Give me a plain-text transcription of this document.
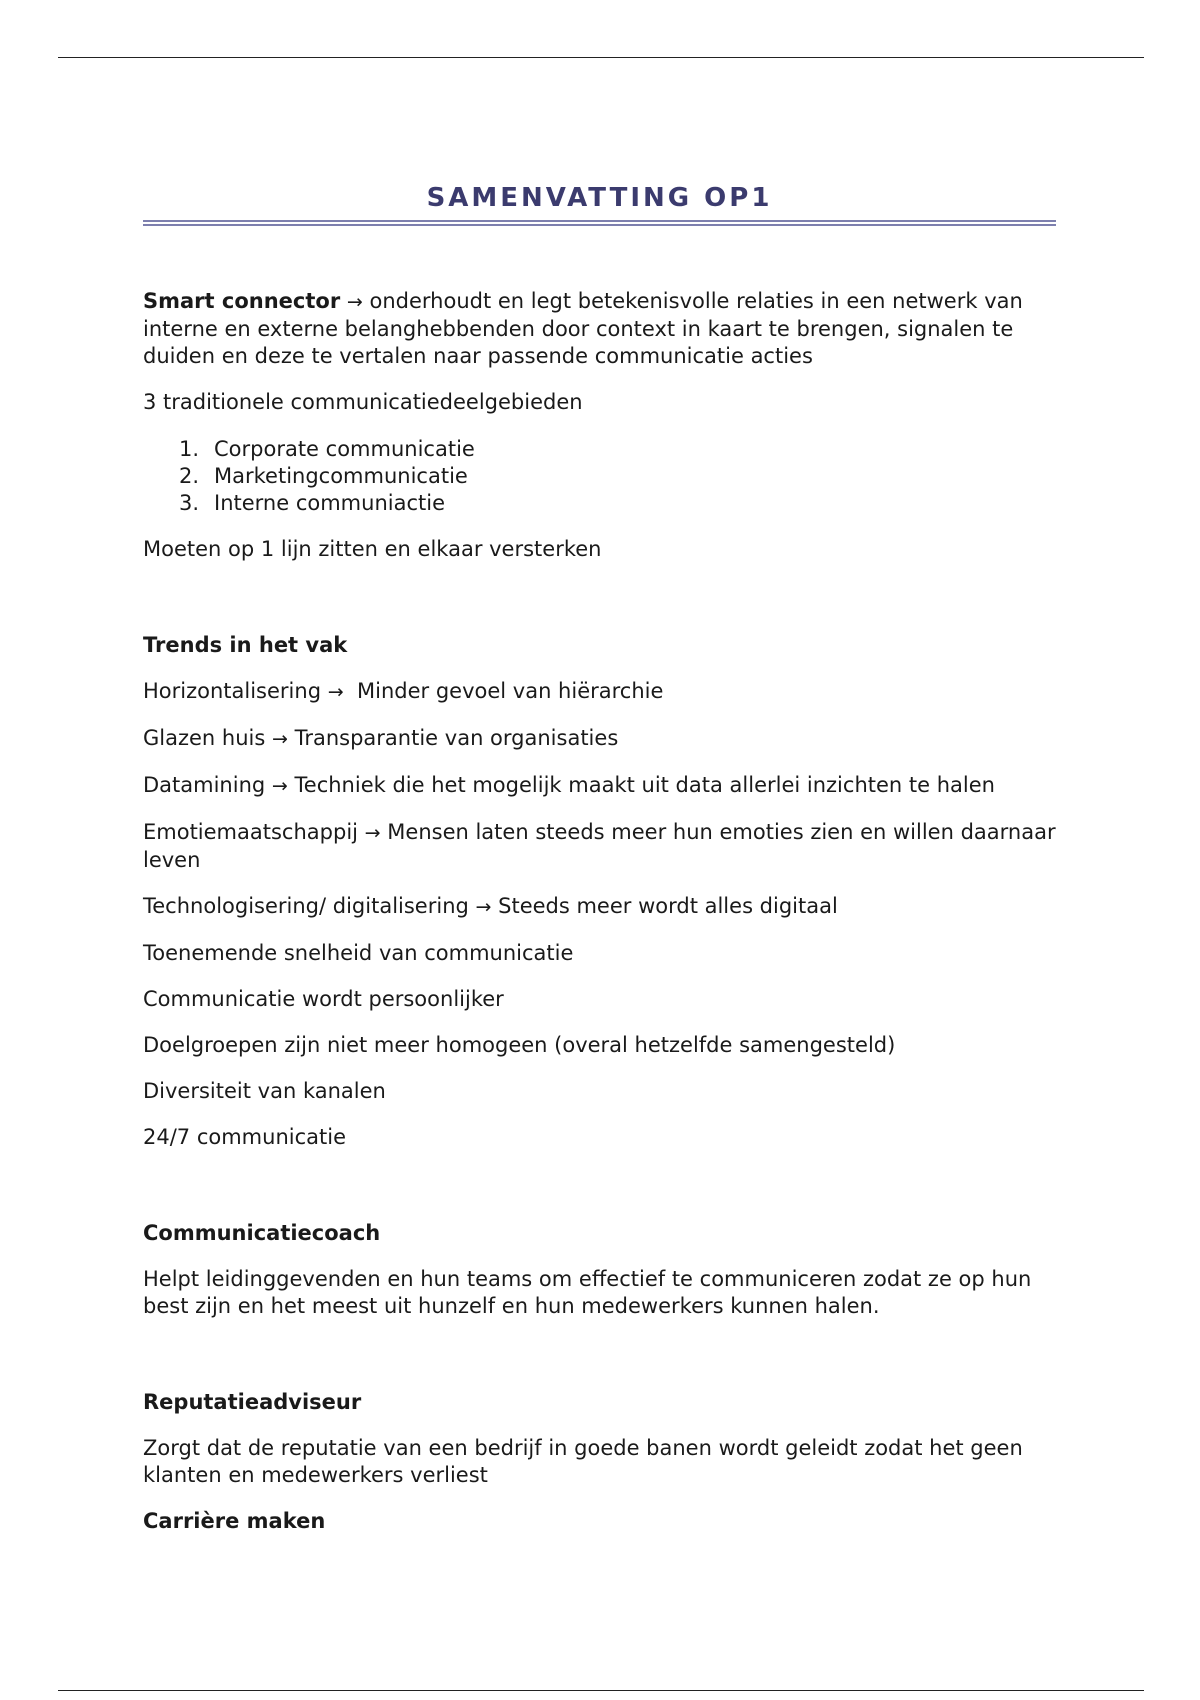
SAMENVATTING OP1

Smart connector → onderhoudt en legt betekenisvolle relaties in een netwerk van interne en externe belanghebbenden door context in kaart te brengen, signalen te duiden en deze te vertalen naar passende communicatie acties

3 traditionele communicatiedeelgebieden

1. Corporate communicatie
2. Marketingcommunicatie
3. Interne communiactie

Moeten op 1 lijn zitten en elkaar versterken

Trends in het vak

Horizontalisering → Minder gevoel van hiërarchie

Glazen huis → Transparantie van organisaties

Datamining → Techniek die het mogelijk maakt uit data allerlei inzichten te halen

Emotiemaatschappij → Mensen laten steeds meer hun emoties zien en willen daarnaar leven

Technologisering/ digitalisering → Steeds meer wordt alles digitaal

Toenemende snelheid van communicatie

Communicatie wordt persoonlijker

Doelgroepen zijn niet meer homogeen (overal hetzelfde samengesteld)

Diversiteit van kanalen

24/7 communicatie

Communicatiecoach

Helpt leidinggevenden en hun teams om effectief te communiceren zodat ze op hun best zijn en het meest uit hunzelf en hun medewerkers kunnen halen.

Reputatieadviseur

Zorgt dat de reputatie van een bedrijf in goede banen wordt geleidt zodat het geen klanten en medewerkers verliest

Carrière maken
